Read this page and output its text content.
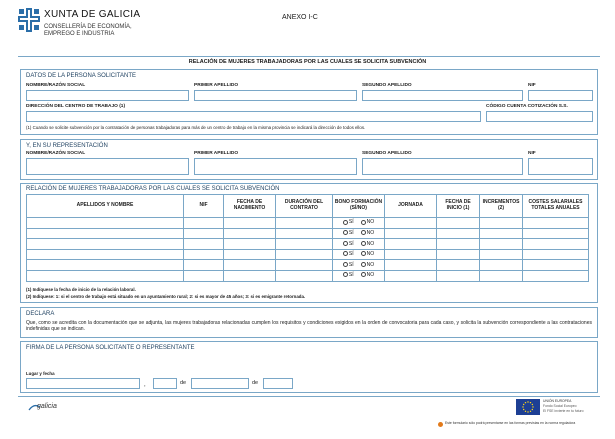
XUNTA DE GALICIA
CONSELLERÍA DE ECONOMÍA,
EMPREGO E INDUSTRIA
ANEXO I-C
RELACIÓN DE MUJERES TRABAJADORAS POR LAS CUALES SE SOLICITA SUBVENCIÓN
DATOS DE LA PERSONA SOLICITANTE
NOMBRE/RAZÓN SOCIAL	PRIMER APELLIDO	SEGUNDO APELLIDO	NIF
DIRECCIÓN DEL CENTRO DE TRABAJO (1)	CÓDIGO CUENTA COTIZACIÓN S.S.
(1) Cuando se solicite subvención por la contratación de personas trabajadoras para más de un centro de trabajo en la misma provincia se indicará la dirección de todos ellos.
Y, EN SU REPRESENTACIÓN
NOMBRE/RAZÓN SOCIAL	PRIMER APELLIDO	SEGUNDO APELLIDO	NIF
RELACIÓN DE MUJERES TRABAJADORAS POR LAS CUALES SE SOLICITA SUBVENCIÓN
APELLIDOS Y NOMBRE	NIF	FECHA DE NACIMIENTO	DURACIÓN DEL CONTRATO	BONO FORMACIÓN (SÍ/NO)	JORNADA	FECHA DE INICIO (1)	INCREMENTOS (2)	COSTES SALARIALES TOTALES ANUALES
				SÍ NO				
				SÍ NO				
				SÍ NO				
				SÍ NO				
				SÍ NO				
				SÍ NO				
(1) Indíquese la fecha de inicio de la relación laboral.
(2) Indíquese: 1: si el centro de trabajo está situado en un ayuntamiento rural; 2: si es mayor de 45 años; 3: si es emigrante retornada.
DECLARA
Que, como se acredita con la documentación que se adjunta, las mujeres trabajadoras relacionadas cumplen los requisitos y condiciones exigidos en la orden de convocatoria para cada caso, y solicita la subvención correspondiente a las contrataciones indefinidas que se indican.
FIRMA DE LA PERSONA SOLICITANTE O REPRESENTANTE
Lugar y fecha
,	de	de
galicia
UNIÓN EUROPEA
Fondo Social Europeo
El FSE invierte en tu futuro
Este formulario sólo podrá presentarse en las formas previstas en la norma reguladora
